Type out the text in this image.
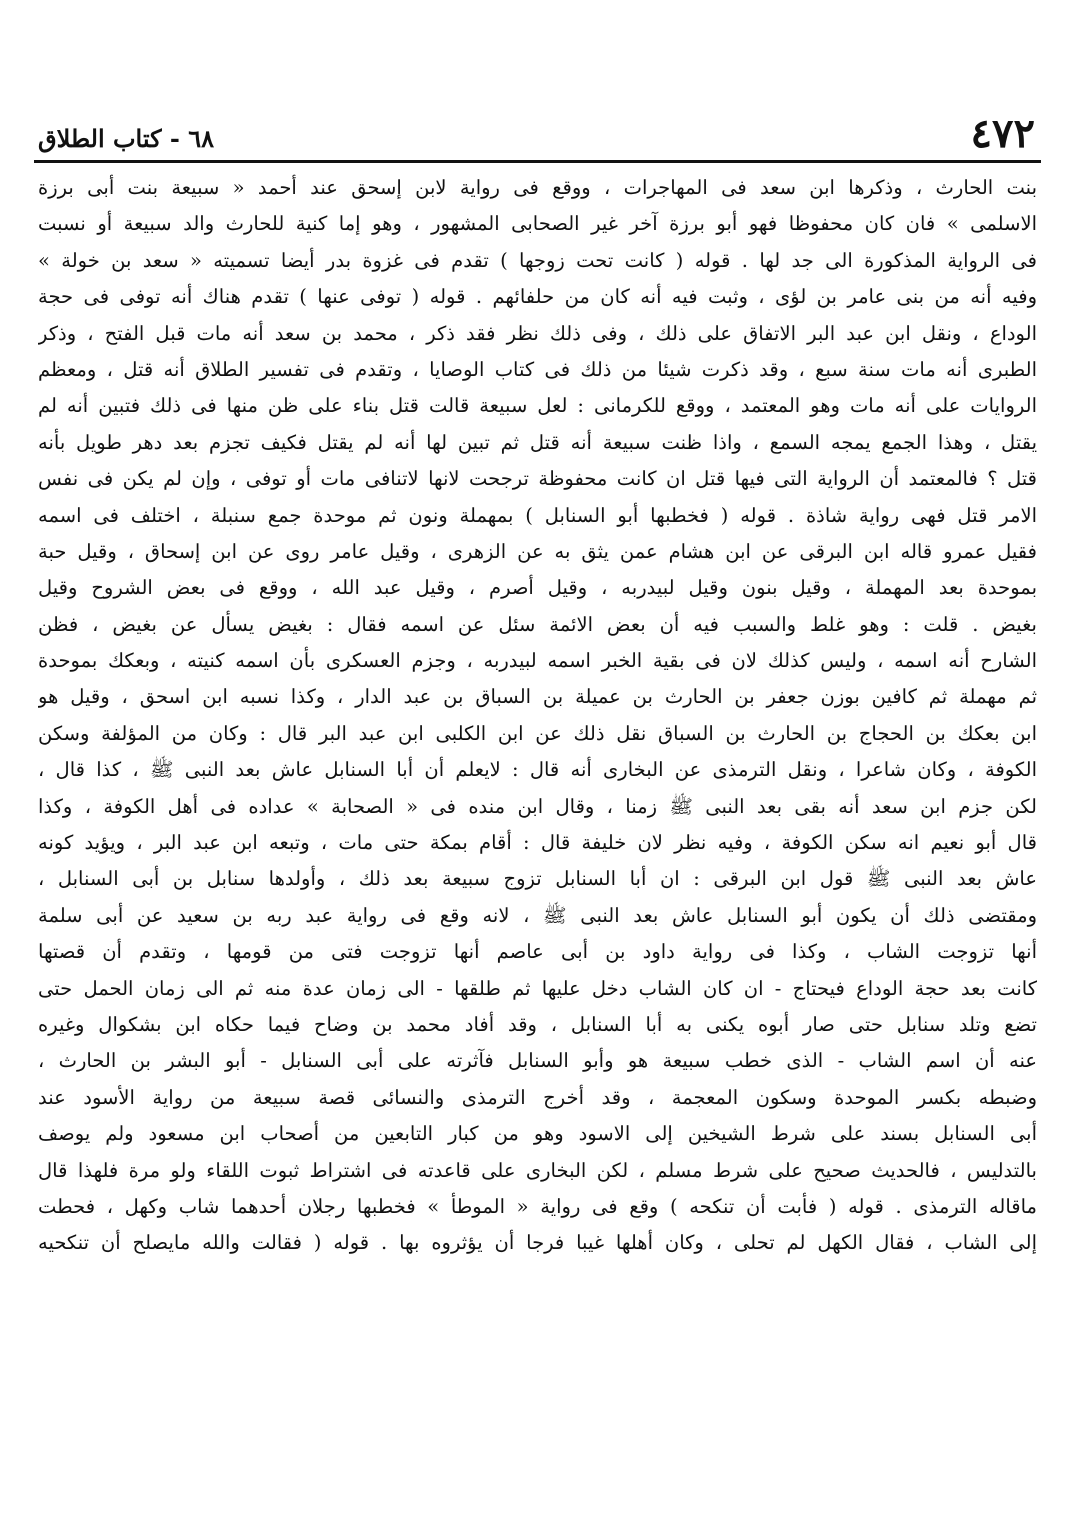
٦٨ - كتاب الطلاق	٤٧٢
بنت الحارث ، وذكرها ابن سعد فى المهاجرات ، ووقع فى رواية لابن إسحق عند أحمد « سبيعة بنت أبى برزة
الاسلمى » فان كان محفوظا فهو أبو برزة آخر غير الصحابى المشهور ، وهو إما كنية للحارث والد سبيعة أو نسبت
فى الرواية المذكورة الى جد لها . قوله ( كانت تحت زوجها ) تقدم فى غزوة بدر أيضا تسميته « سعد بن خولة »
وفيه أنه من بنى عامر بن لؤى ، وثبت فيه أنه كان من حلفائهم . قوله ( توفى عنها ) تقدم هناك أنه توفى فى حجة
الوداع ، ونقل ابن عبد البر الاتفاق على ذلك ، وفى ذلك نظر فقد ذكر ، محمد بن سعد أنه مات قبل الفتح ، وذكر
الطبرى أنه مات سنة سبع ، وقد ذكرت شيئا من ذلك فى كتاب الوصايا ، وتقدم فى تفسير الطلاق أنه قتل ، ومعظم
الروايات على أنه مات وهو المعتمد ، ووقع للكرمانى : لعل سبيعة قالت قتل بناء على ظن منها فى ذلك فتبين أنه لم
يقتل ، وهذا الجمع يمجه السمع ، واذا ظنت سبيعة أنه قتل ثم تبين لها أنه لم يقتل فكيف تجزم بعد دهر طويل بأنه
قتل ؟ فالمعتمد أن الرواية التى فيها قتل ان كانت محفوظة ترجحت لانها لاتنافى مات أو توفى ، وإن لم يكن فى نفس
الامر قتل فهى رواية شاذة . قوله ( فخطبها أبو السنابل ) بمهملة ونون ثم موحدة جمع سنبلة ، اختلف فى اسمه
فقيل عمرو قاله ابن البرقى عن ابن هشام عمن يثق به عن الزهرى ، وقيل عامر روى عن ابن إسحاق ، وقيل حبة
بموحدة بعد المهملة ، وقيل بنون وقيل لبيدربه ، وقيل أصرم ، وقيل عبد الله ، ووقع فى بعض الشروح وقيل
بغيض . قلت : وهو غلط والسبب فيه أن بعض الائمة سئل عن اسمه فقال : بغيض يسأل عن بغيض ، فظن
الشارح أنه اسمه ، وليس كذلك لان فى بقية الخبر اسمه لبيدربه ، وجزم العسكرى بأن اسمه كنيته ، وبعكك بموحدة
ثم مهملة ثم كافين بوزن جعفر بن الحارث بن عميلة بن السباق بن عبد الدار ، وكذا نسبه ابن اسحق ، وقيل هو
ابن بعكك بن الحجاج بن الحارث بن السباق نقل ذلك عن ابن الكلبى ابن عبد البر قال : وكان من المؤلفة وسكن
الكوفة ، وكان شاعرا ، ونقل الترمذى عن البخارى أنه قال : لايعلم أن أبا السنابل عاش بعد النبى ﷺ ، كذا قال ،
لكن جزم ابن سعد أنه بقى بعد النبى ﷺ زمنا ، وقال ابن منده فى « الصحابة » عداده فى أهل الكوفة ، وكذا
قال أبو نعيم انه سكن الكوفة ، وفيه نظر لان خليفة قال : أقام بمكة حتى مات ، وتبعه ابن عبد البر ، ويؤيد كونه
عاش بعد النبى ﷺ قول ابن البرقى : ان أبا السنابل تزوج سبيعة بعد ذلك ، وأولدها سنابل بن أبى السنابل ،
ومقتضى ذلك أن يكون أبو السنابل عاش بعد النبى ﷺ ، لانه وقع فى رواية عبد ربه بن سعيد عن أبى سلمة
أنها تزوجت الشاب ، وكذا فى رواية داود بن أبى عاصم أنها تزوجت فتى من قومها ، وتقدم أن قصتها
كانت بعد حجة الوداع فيحتاج - ان كان الشاب دخل عليها ثم طلقها - الى زمان عدة منه ثم الى زمان الحمل حتى
تضع وتلد سنابل حتى صار أبوه يكنى به أبا السنابل ، وقد أفاد محمد بن وضاح فيما حكاه ابن بشكوال وغيره
عنه أن اسم الشاب - الذى خطب سبيعة هو وأبو السنابل فآثرته على أبى السنابل - أبو البشر بن الحارث ،
وضبطه بكسر الموحدة وسكون المعجمة ، وقد أخرج الترمذى والنسائى قصة سبيعة من رواية الأسود عند
أبى السنابل بسند على شرط الشيخين إلى الاسود وهو من كبار التابعين من أصحاب ابن مسعود ولم يوصف
بالتدليس ، فالحديث صحيح على شرط مسلم ، لكن البخارى على قاعدته فى اشتراط ثبوت اللقاء ولو مرة فلهذا قال
ماقاله الترمذى . قوله ( فأبت أن تنكحه ) وقع فى رواية « الموطأ » فخطبها رجلان أحدهما شاب وكهل ، فحطت
إلى الشاب ، فقال الكهل لم تحلى ، وكان أهلها غيبا فرجا أن يؤثروه بها . قوله ( فقالت والله مايصلح أن تنكحيه
